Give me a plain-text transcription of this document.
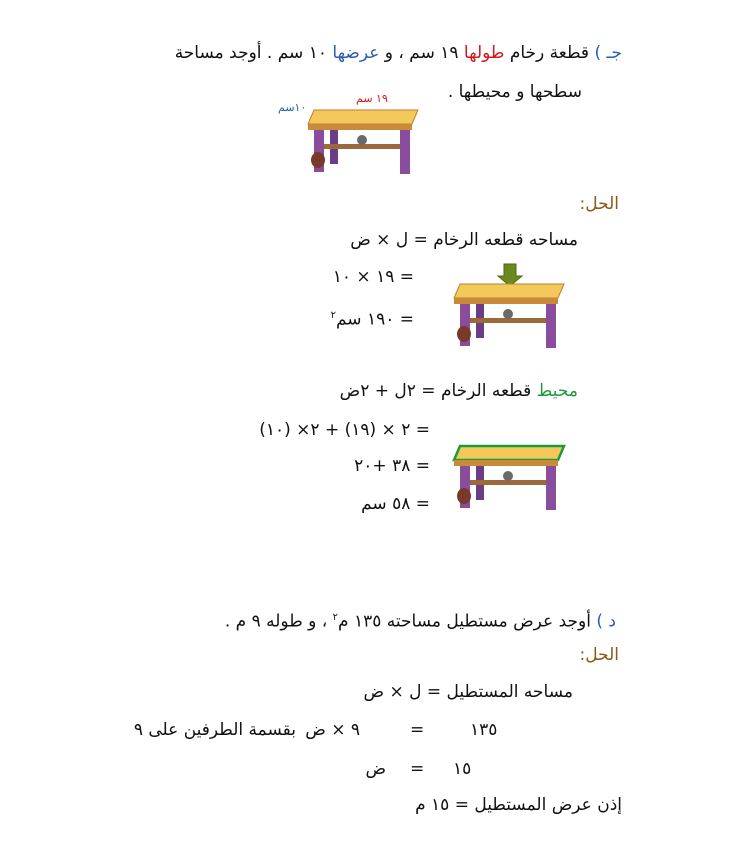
جـ ) قطعة رخام طولها ١٩ سم ، و عرضها ١٠ سم . أوجد مساحة
سطحها و محيطها .
١٠سم
١٩ سم
الحل:
مساحه قطعه الرخام = ل × ض
= ١٩ × ١٠
= ١٩٠ سم$^٢$
محيط قطعه الرخام = ٢ل + ٢ض
= ٢ × (١٩) + ٢× (١٠)
= ٣٨ +٢٠
= ٥٨ سم
د ) أوجد عرض مستطيل مساحته ١٣٥ م$^٢$ ، و طوله ٩ م .
الحل:
مساحه المستطيل = ل × ض
١٣٥
=
٩ × ض
بقسمة الطرفين على ٩
١٥
=
ض
إذن عرض المستطيل = ١٥ م
